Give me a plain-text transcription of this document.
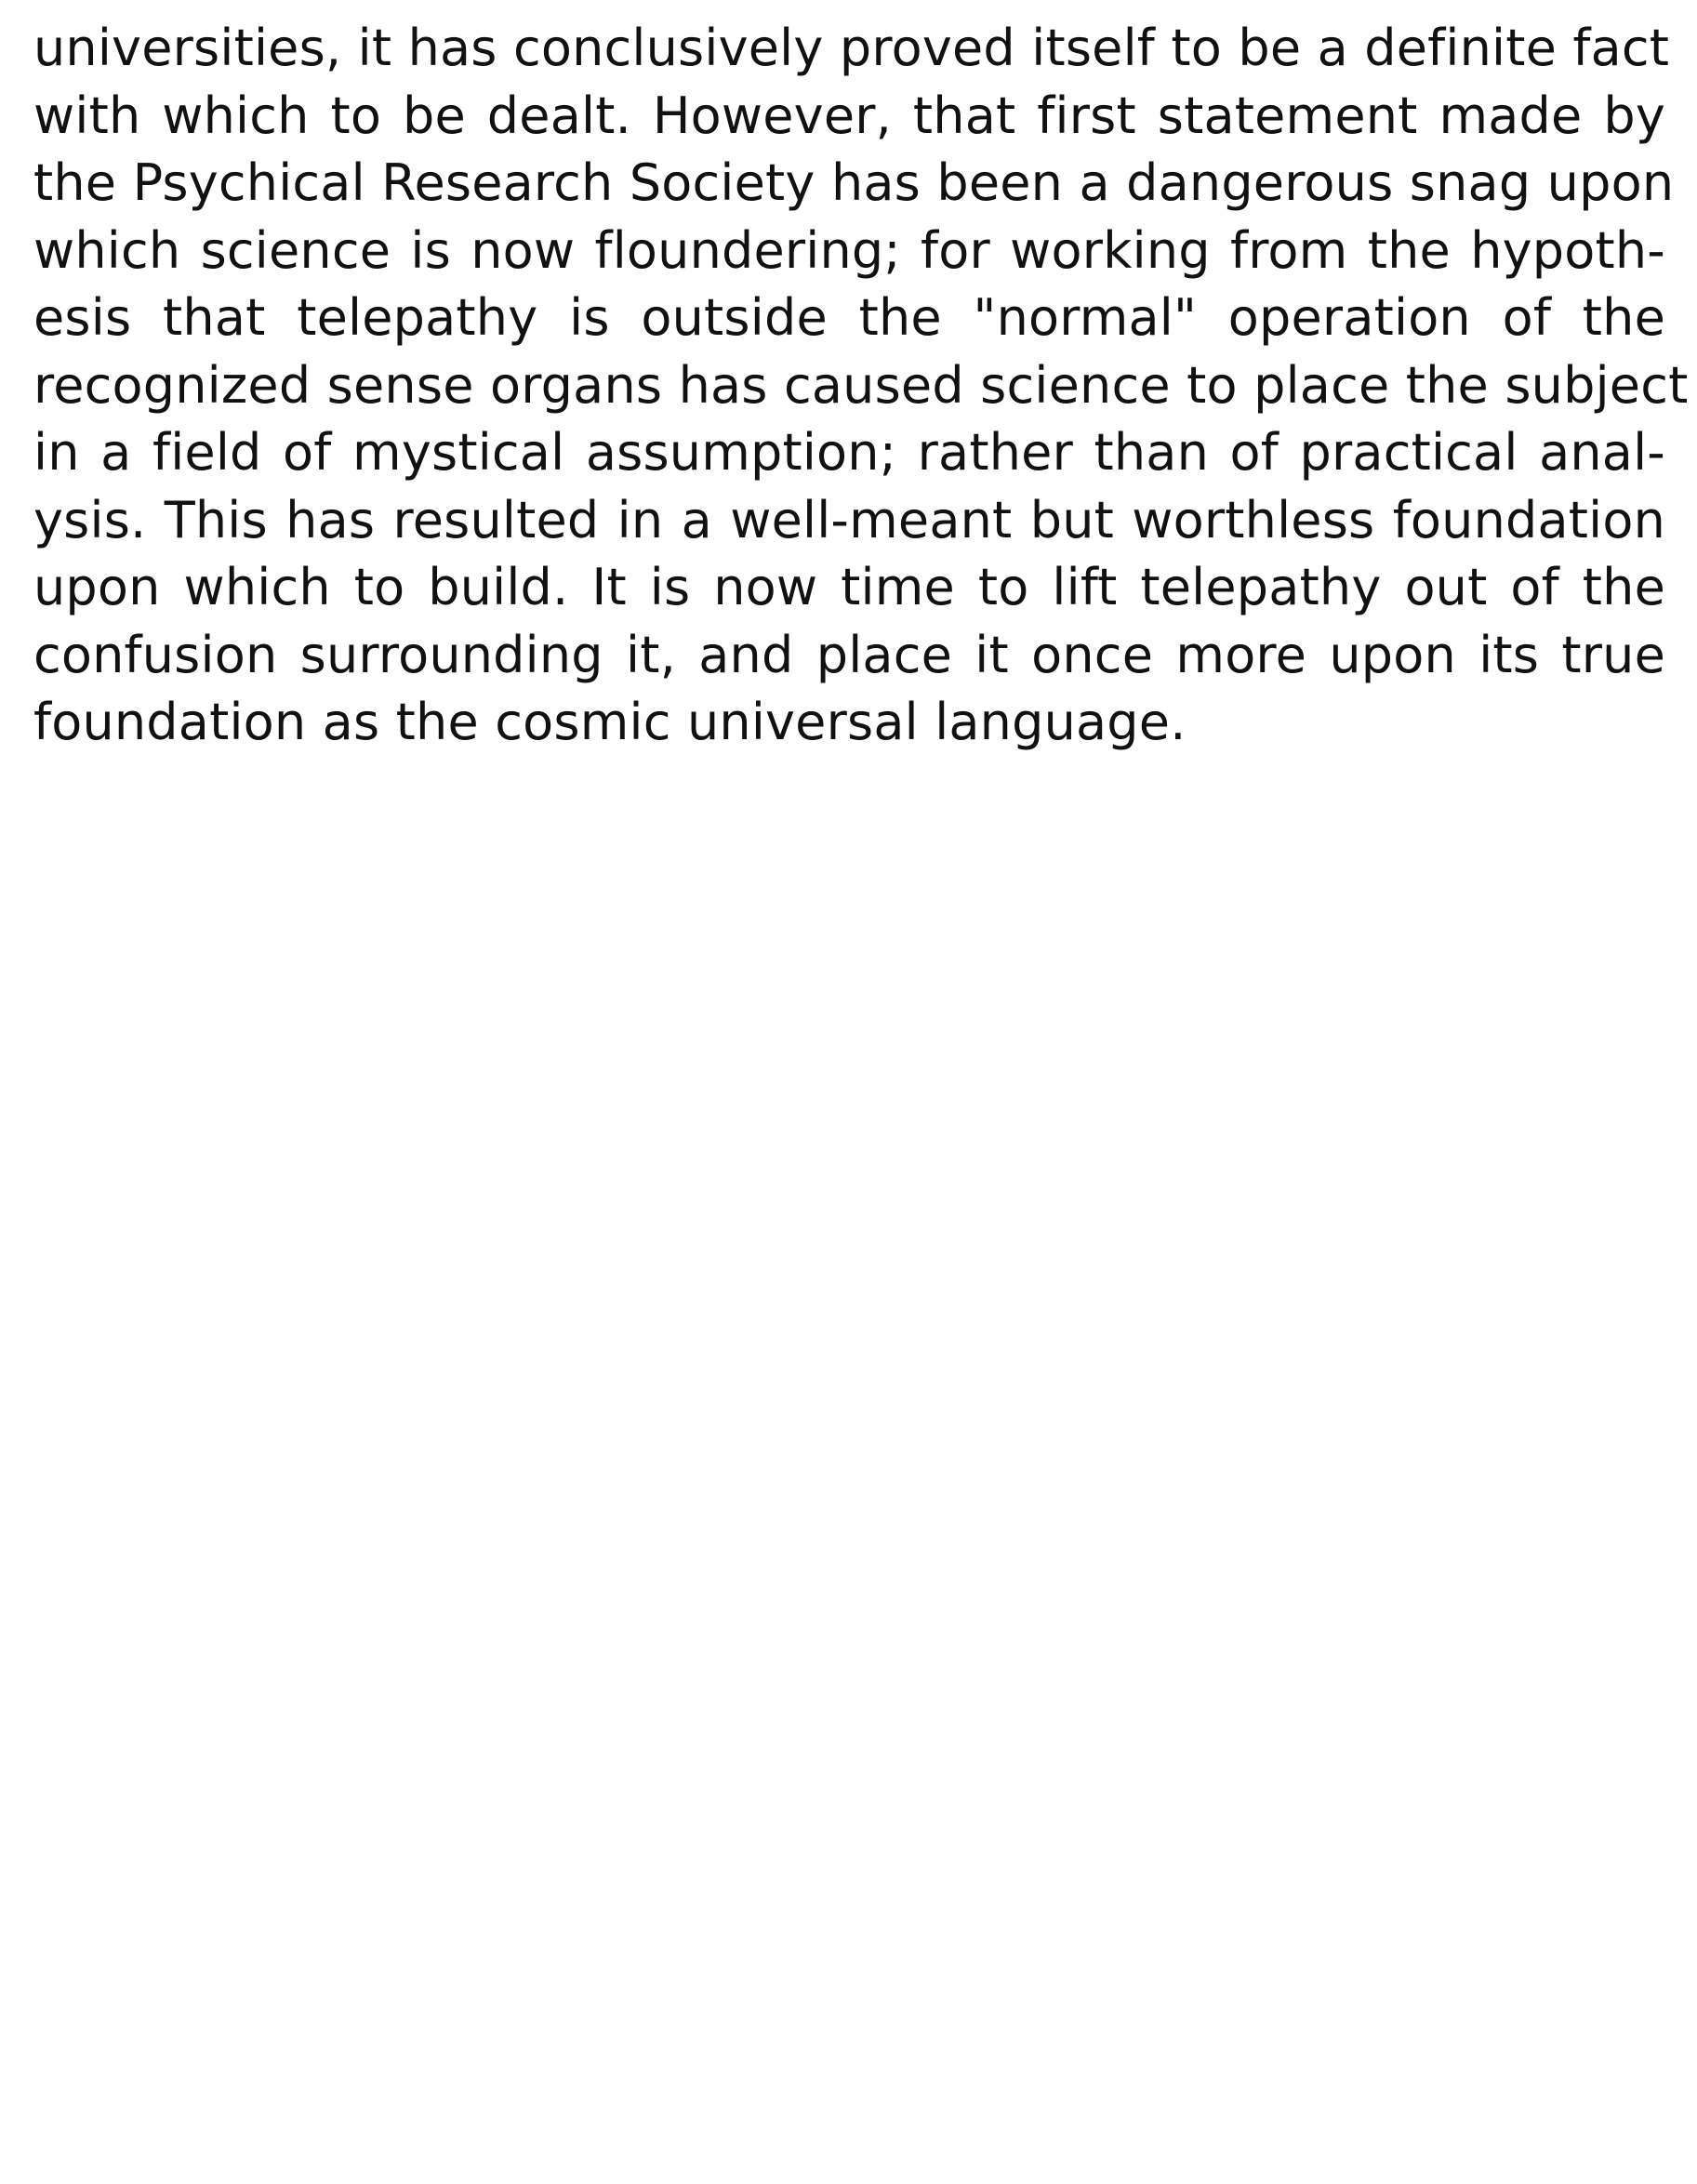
universities, it has conclusively proved itself to be a definite fact
with which to be dealt. However, that first statement made by
the Psychical Research Society has been a dangerous snag upon
which science is now floundering; for working from the hypoth-
esis that telepathy is outside the "normal" operation of the
recognized sense organs has caused science to place the subject
in a field of mystical assumption; rather than of practical anal-
ysis. This has resulted in a well-meant but worthless foundation
upon which to build. It is now time to lift telepathy out of the
confusion surrounding it, and place it once more upon its true
foundation as the cosmic universal language.
